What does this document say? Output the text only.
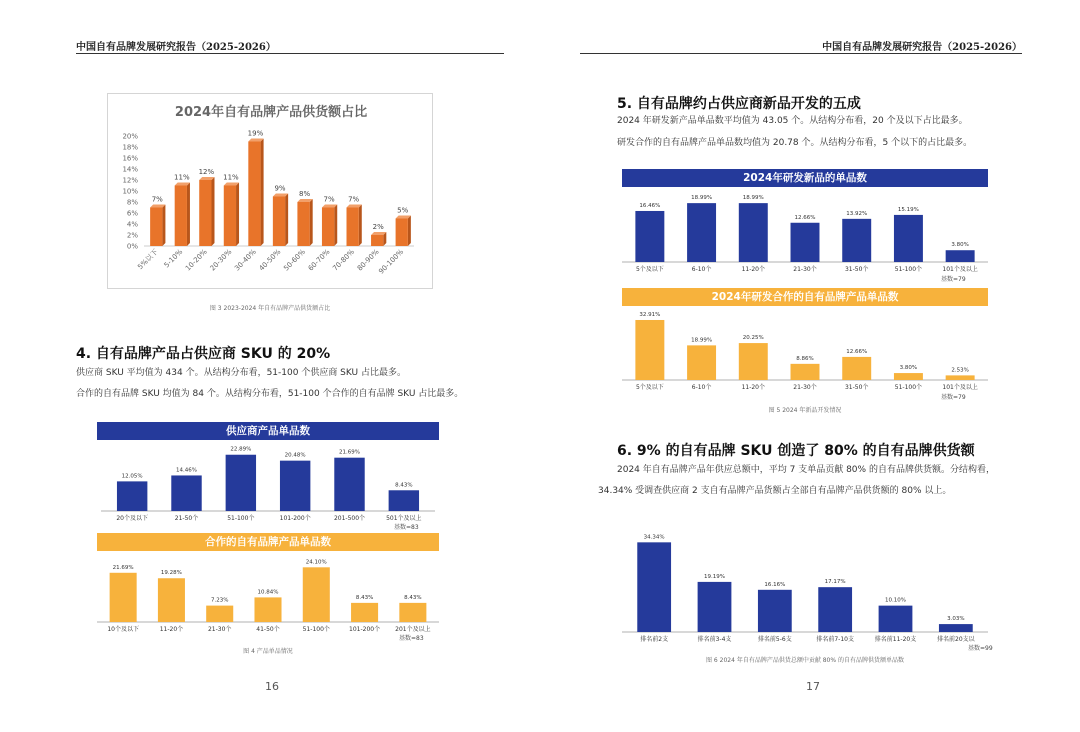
中国自有品牌发展研究报告（2025-2026）	中国自有品牌发展研究报告（2025-2026）
2024年自有品牌产品供货额占比
0%
2%
4%
6%
8%
10%
12%
14%
16%
18%
20%
7%
5%以下
11%
5-10%
12%
10-20%
11%
20-30%
19%
30-40%
9%
40-50%
8%
50-60%
7%
60-70%
7%
70-80%
2%
80-90%
5%
90-100%
图 3 2023-2024 年自有品牌产品供货额占比
4. 自有品牌产品占供应商 SKU 的 20%
供应商 SKU 平均值为 434 个。从结构分布看，51-100 个供应商 SKU 占比最多。
合作的自有品牌 SKU 均值为 84 个。从结构分布看，51-100 个合作的自有品牌 SKU 占比最多。
供应商产品单品数
12.05%
20个及以下
14.46%
21-50个
22.89%
51-100个
20.48%
101-200个
21.69%
201-500个
8.43%
501个及以上
基数=83
合作的自有品牌产品单品数
21.69%
10个及以下
19.28%
11-20个
7.23%
21-30个
10.84%
41-50个
24.10%
51-100个
8.43%
101-200个
8.43%
201个及以上
基数=83
图 4 产品单品情况
16
5. 自有品牌约占供应商新品开发的五成
2024 年研发新产品单品数平均值为 43.05 个。从结构分布看，20 个及以下占比最多。
研发合作的自有品牌产品单品数均值为 20.78 个。从结构分布看，5 个以下的占比最多。
2024年研发新品的单品数
16.46%
5个及以下
18.99%
6-10个
18.99%
11-20个
12.66%
21-30个
13.92%
31-50个
15.19%
51-100个
3.80%
101个及以上
基数=79
2024年研发合作的自有品牌产品单品数
32.91%
5个及以下
18.99%
6-10个
20.25%
11-20个
8.86%
21-30个
12.66%
31-50个
3.80%
51-100个
2.53%
101个及以上
基数=79
图 5 2024 年新品开发情况
6. 9% 的自有品牌 SKU 创造了 80% 的自有品牌供货额
2024 年自有品牌产品年供应总额中，平均 7 支单品贡献 80% 的自有品牌供货额。分结构看，
34.34% 受调查供应商 2 支自有品牌产品货额占全部自有品牌产品供货额的 80% 以上。
34.34%
排名前2支
19.19%
排名前3-4支
16.16%
排名前5-6支
17.17%
排名前7-10支
10.10%
排名前11-20支
3.03%
排名前20支以
基数=99
图 6 2024 年自有品牌产品供货总额中贡献 80% 的自有品牌供货额单品数
17
